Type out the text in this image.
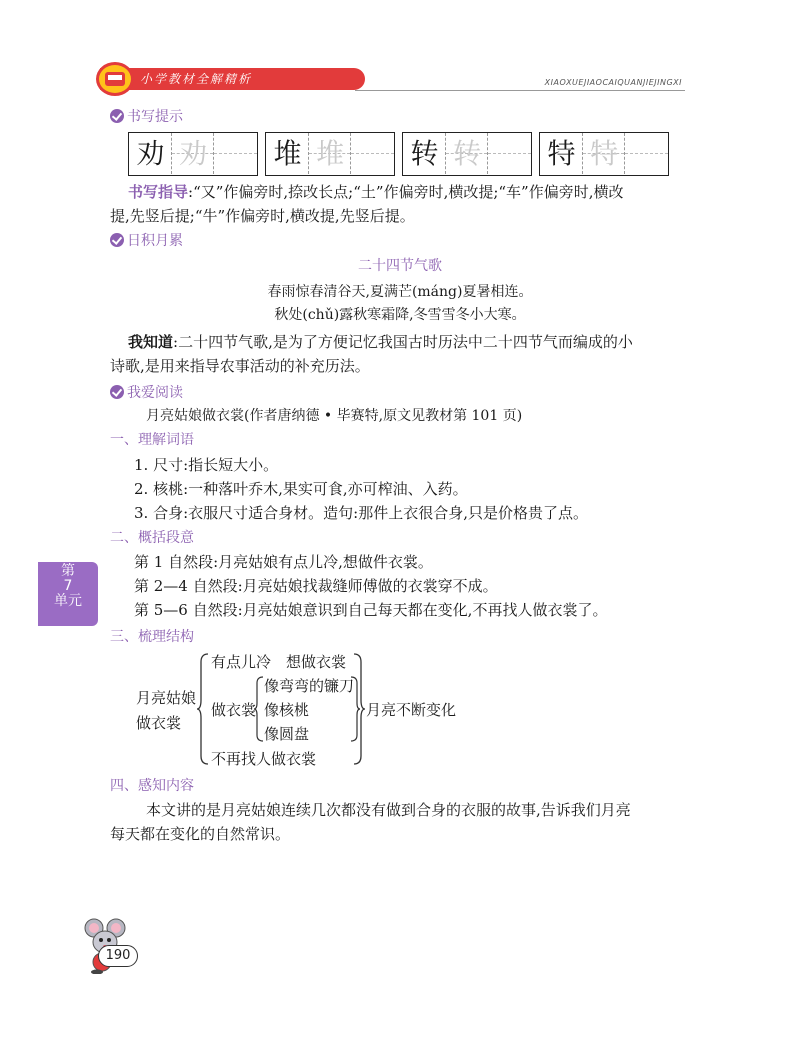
小学教材全解精析	XIAOXUEJIAOCAIQUANJIEJINGXI
书写提示
劝 劝 堆 堆 转 转 特 特
书写指导:“又”作偏旁时,捺改长点;“土”作偏旁时,横改提;“车”作偏旁时,横改
提,先竖后提;“牛”作偏旁时,横改提,先竖后提。
日积月累
二十四节气歌
春雨惊春清谷天,夏满芒(máng)夏暑相连。
秋处(chǔ)露秋寒霜降,冬雪雪冬小大寒。
我知道:二十四节气歌,是为了方便记忆我国古时历法中二十四节气而编成的小
诗歌,是用来指导农事活动的补充历法。
我爱阅读
月亮姑娘做衣裳(作者唐纳德 • 毕赛特,原文见教材第 101 页)
一、理解词语
1. 尺寸:指长短大小。
2. 核桃:一种落叶乔木,果实可食,亦可榨油、入药。
3. 合身:衣服尺寸适合身材。造句:那件上衣很合身,只是价格贵了点。
二、概括段意
第 1 自然段:月亮姑娘有点儿冷,想做件衣裳。
第 2—4 自然段:月亮姑娘找裁缝师傅做的衣裳穿不成。
第 5—6 自然段:月亮姑娘意识到自己每天都在变化,不再找人做衣裳了。
三、梳理结构
月亮姑娘
做衣裳
有点儿冷　想做衣裳
做衣裳
像弯弯的镰刀
像核桃
像圆盘
不再找人做衣裳
月亮不断变化
四、感知内容
本文讲的是月亮姑娘连续几次都没有做到合身的衣服的故事,告诉我们月亮
每天都在变化的自然常识。
第
7
单元
190
